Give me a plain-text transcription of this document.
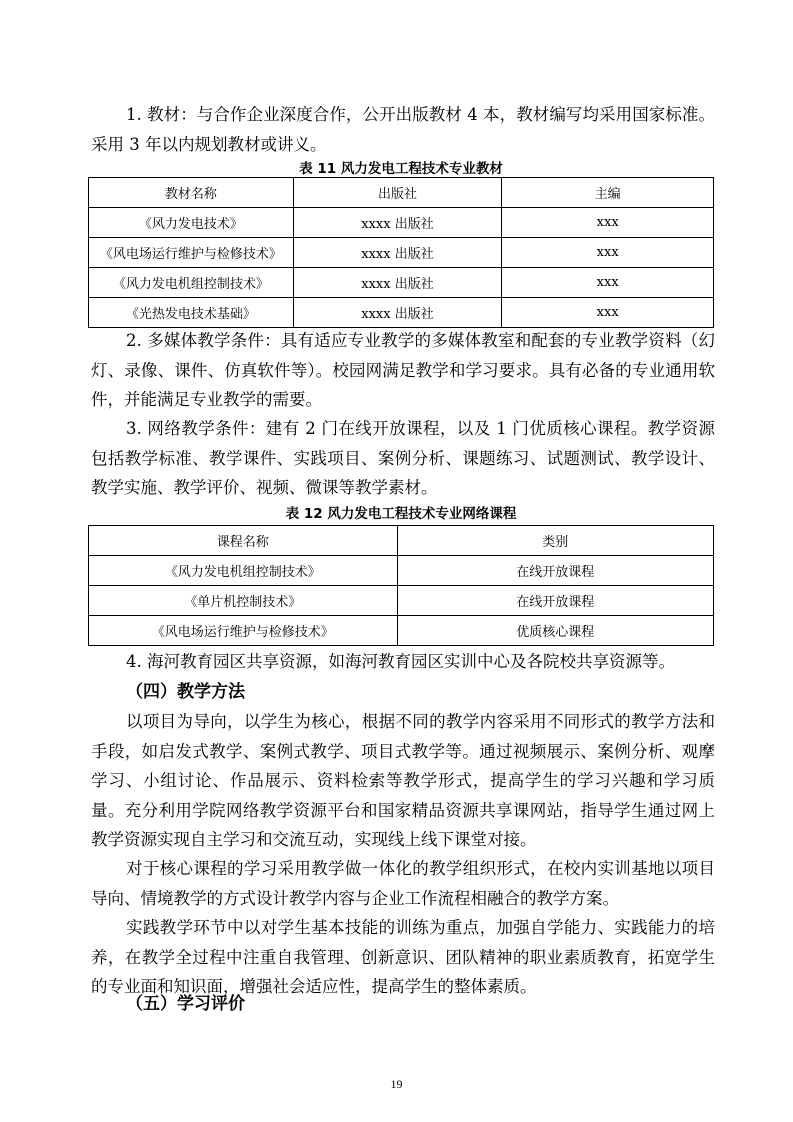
1. 教材：与合作企业深度合作，公开出版教材 4 本，教材编写均采用国家标准。采用 3 年以内规划教材或讲义。

表 11 风力发电工程技术专业教材
教材名称	出版社	主编
《风力发电技术》	xxxx 出版社	xxx
《风电场运行维护与检修技术》	xxxx 出版社	xxx
《风力发电机组控制技术》	xxxx 出版社	xxx
《光热发电技术基础》	xxxx 出版社	xxx

2. 多媒体教学条件：具有适应专业教学的多媒体教室和配套的专业教学资料（幻灯、录像、课件、仿真软件等）。校园网满足教学和学习要求。具有必备的专业通用软件，并能满足专业教学的需要。

3. 网络教学条件：建有 2 门在线开放课程，以及 1 门优质核心课程。教学资源包括教学标准、教学课件、实践项目、案例分析、课题练习、试题测试、教学设计、教学实施、教学评价、视频、微课等教学素材。

表 12 风力发电工程技术专业网络课程
课程名称	类别
《风力发电机组控制技术》	在线开放课程
《单片机控制技术》	在线开放课程
《风电场运行维护与检修技术》	优质核心课程

4. 海河教育园区共享资源，如海河教育园区实训中心及各院校共享资源等。

（四）教学方法

以项目为导向，以学生为核心，根据不同的教学内容采用不同形式的教学方法和手段，如启发式教学、案例式教学、项目式教学等。通过视频展示、案例分析、观摩学习、小组讨论、作品展示、资料检索等教学形式，提高学生的学习兴趣和学习质量。充分利用学院网络教学资源平台和国家精品资源共享课网站，指导学生通过网上教学资源实现自主学习和交流互动，实现线上线下课堂对接。

对于核心课程的学习采用教学做一体化的教学组织形式，在校内实训基地以项目导向、情境教学的方式设计教学内容与企业工作流程相融合的教学方案。

实践教学环节中以对学生基本技能的训练为重点，加强自学能力、实践能力的培养，在教学全过程中注重自我管理、创新意识、团队精神的职业素质教育，拓宽学生的专业面和知识面，增强社会适应性，提高学生的整体素质。

（五）学习评价
19
